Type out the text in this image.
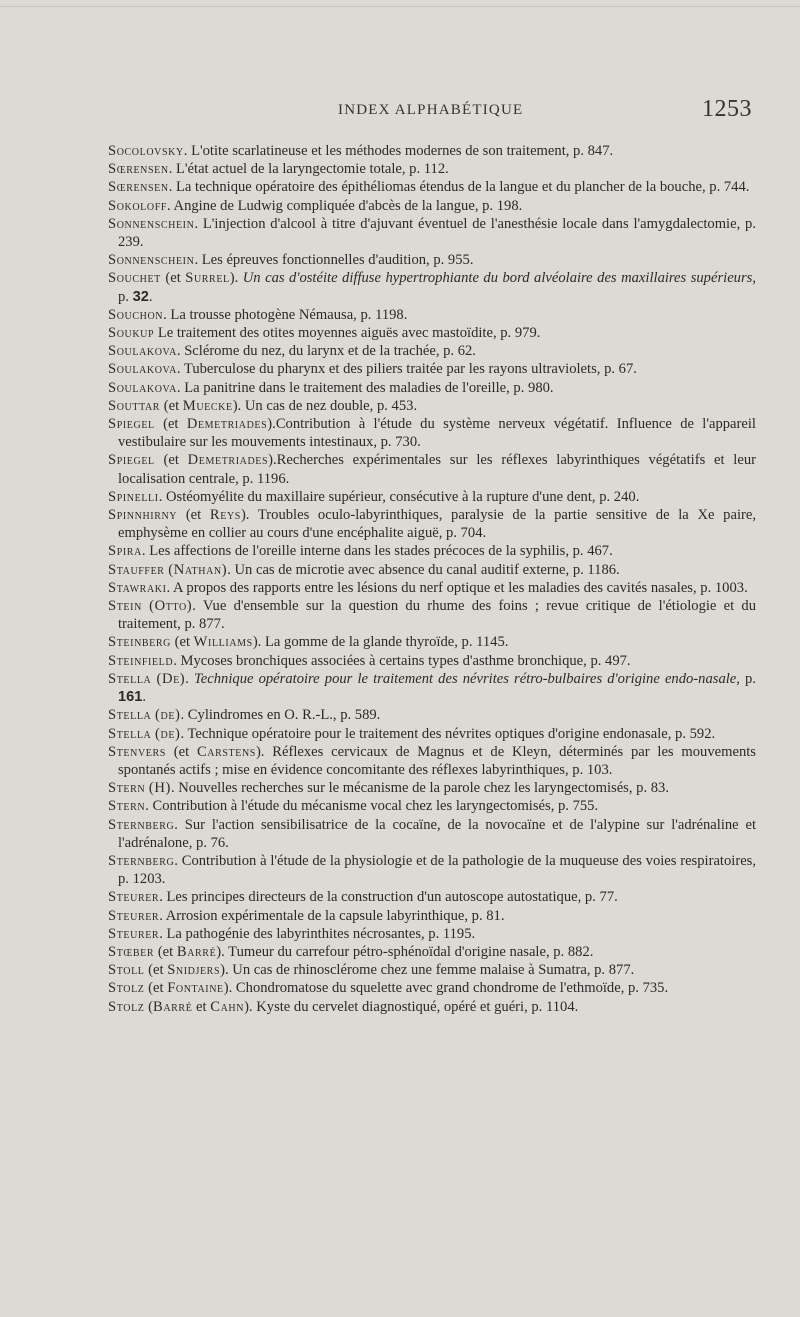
INDEX ALPHABÉTIQUE	1253

Socolovsky. L'otite scarlatineuse et les méthodes modernes de son traitement, p. 847.

Sœrensen. L'état actuel de la laryngectomie totale, p. 112.

Sœrensen. La technique opératoire des épithéliomas étendus de la langue et du plancher de la bouche, p. 744.

Sokoloff. Angine de Ludwig compliquée d'abcès de la langue, p. 198.

Sonnenschein. L'injection d'alcool à titre d'ajuvant éventuel de l'anesthésie locale dans l'amygdalectomie, p. 239.

Sonnenschein. Les épreuves fonctionnelles d'audition, p. 955.

Souchet (et Surrel). Un cas d'ostéite diffuse hypertrophiante du bord alvéolaire des maxillaires supérieurs, p. 32.

Souchon. La trousse photogène Némausa, p. 1198.

Soukup Le traitement des otites moyennes aiguës avec mastoïdite, p. 979.

Soulakova. Sclérome du nez, du larynx et de la trachée, p. 62.

Soulakova. Tuberculose du pharynx et des piliers traitée par les rayons ultraviolets, p. 67.

Soulakova. La panitrine dans le traitement des maladies de l'oreille, p. 980.

Souttar (et Muecke). Un cas de nez double, p. 453.

Spiegel (et Demetriades).Contribution à l'étude du système nerveux végétatif. Influence de l'appareil vestibulaire sur les mouvements intestinaux, p. 730.

Spiegel (et Demetriades).Recherches expérimentales sur les réflexes labyrinthiques végétatifs et leur localisation centrale, p. 1196.

Spinelli. Ostéomyélite du maxillaire supérieur, consécutive à la rupture d'une dent, p. 240.

Spinnhirny (et Reys). Troubles oculo-labyrinthiques, paralysie de la partie sensitive de la Xe paire, emphysème en collier au cours d'une encéphalite aiguë, p. 704.

Spira. Les affections de l'oreille interne dans les stades précoces de la syphilis, p. 467.

Stauffer (Nathan). Un cas de microtie avec absence du canal auditif externe, p. 1186.

Stawraki. A propos des rapports entre les lésions du nerf optique et les maladies des cavités nasales, p. 1003.

Stein (Otto). Vue d'ensemble sur la question du rhume des foins ; revue critique de l'étiologie et du traitement, p. 877.

Steinberg (et Williams). La gomme de la glande thyroïde, p. 1145.

Steinfield. Mycoses bronchiques associées à certains types d'asthme bronchique, p. 497.

Stella (De). Technique opératoire pour le traitement des névrites rétro-bulbaires d'origine endo-nasale, p. 161.

Stella (de). Cylindromes en O. R.-L., p. 589.

Stella (de). Technique opératoire pour le traitement des névrites optiques d'origine endonasale, p. 592.

Stenvers (et Carstens). Réflexes cervicaux de Magnus et de Kleyn, déterminés par les mouvements spontanés actifs ; mise en évidence concomitante des réflexes labyrinthiques, p. 103.

Stern (H). Nouvelles recherches sur le mécanisme de la parole chez les laryngectomisés, p. 83.

Stern. Contribution à l'étude du mécanisme vocal chez les laryngectomisés, p. 755.

Sternberg. Sur l'action sensibilisatrice de la cocaïne, de la novocaïne et de l'alypine sur l'adrénaline et l'adrénalone, p. 76.

Sternberg. Contribution à l'étude de la physiologie et de la pathologie de la muqueuse des voies respiratoires, p. 1203.

Steurer. Les principes directeurs de la construction d'un autoscope autostatique, p. 77.

Steurer. Arrosion expérimentale de la capsule labyrinthique, p. 81.

Steurer. La pathogénie des labyrinthites nécrosantes, p. 1195.

Stœber (et Barré). Tumeur du carrefour pétro-sphénoïdal d'origine nasale, p. 882.

Stoll (et Snidjers). Un cas de rhinosclérome chez une femme malaise à Sumatra, p. 877.

Stolz (et Fontaine). Chondromatose du squelette avec grand chondrome de l'ethmoïde, p. 735.

Stolz (Barré et Cahn). Kyste du cervelet diagnostiqué, opéré et guéri, p. 1104.
